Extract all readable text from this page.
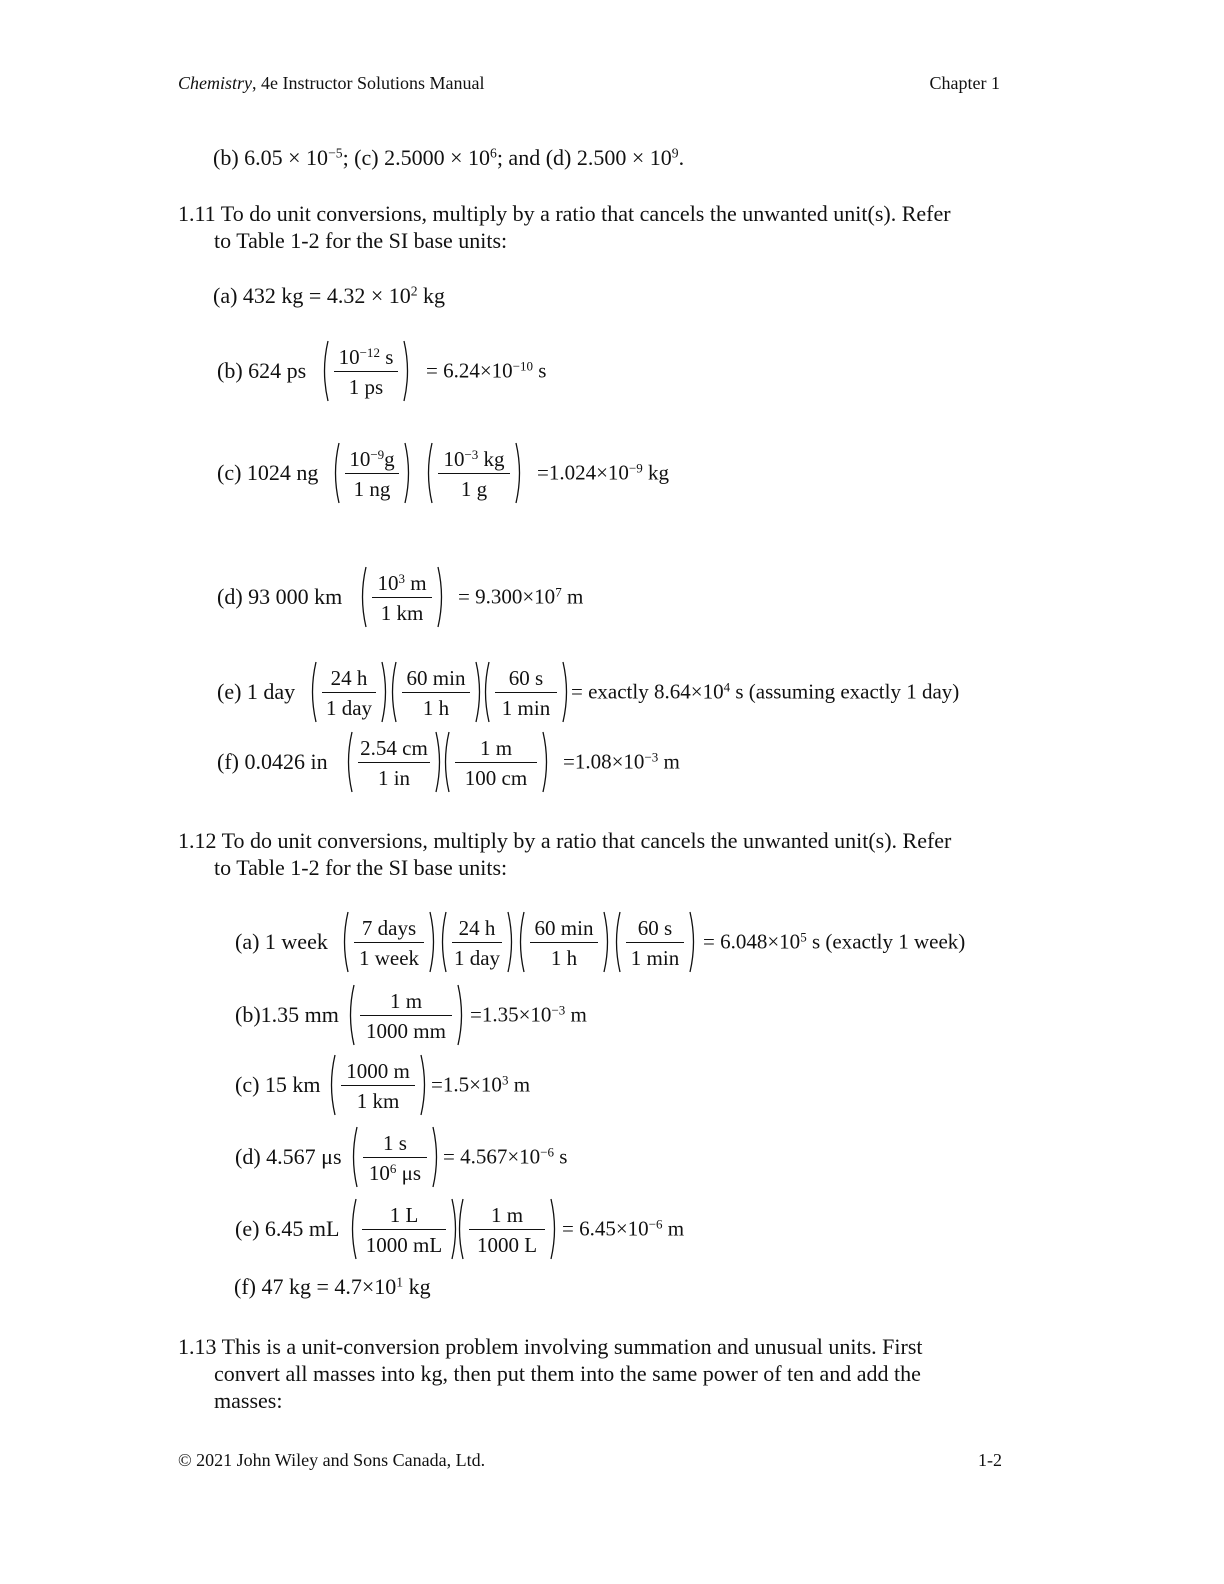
Chemistry, 4e Instructor Solutions Manual	Chapter 1
(b) $6.05 \times 10^{-5}$; (c) $2.5000 \times 10^6$; and (d) $2.500 \times 10^9$.
1.11 To do unit conversions, multiply by a ratio that cancels the unwanted unit(s). Refer
to Table 1-2 for the SI base units:
(a) 432 kg = $4.32 \times 10^2$ kg
(b) 624 ps
$10^{-12}$ s
1 ps
= $6.24\times 10^{-10}$ s
(c) 1024 ng
$10^{-9}g$
1 ng
$10^{-3}$ kg
1 g
$=1.024\times 10^{-9}$ kg
(d) 93 000 km
$10^3$ m
1 km
= $9.300\times 10^7$ m
(e) 1 day
24 h
1 day
60 min
1 h
60 s
1 min
= exactly $8.64\times 10^4$ s (assuming exactly 1 day)
(f) 0.0426 in
2.54 cm
1 in
1 m
100 cm
$=1.08\times 10^{-3}$ m
1.12 To do unit conversions, multiply by a ratio that cancels the unwanted unit(s). Refer
to Table 1-2 for the SI base units:
(a) 1 week
7 days
1 week
24 h
1 day
60 min
1 h
60 s
1 min
= $6.048\times 10^5$ s (exactly 1 week)
(b)1.35 mm
1 m
1000 mm
$=1.35\times 10^{-3}$ m
(c) 15 km
1000 m
1 km
$=1.5\times 10^3$ m
(d) 4.567 μs
1 s
$10^6$ μs
= $4.567\times 10^{-6}$ s
(e) 6.45 mL
1 L
1000 mL
1 m
1000 L
= $6.45\times 10^{-6}$ m
(f) 47 kg = $4.7\times 10^1$ kg
1.13 This is a unit-conversion problem involving summation and unusual units. First
convert all masses into kg, then put them into the same power of ten and add the
masses:
© 2021 John Wiley and Sons Canada, Ltd.	1-2
